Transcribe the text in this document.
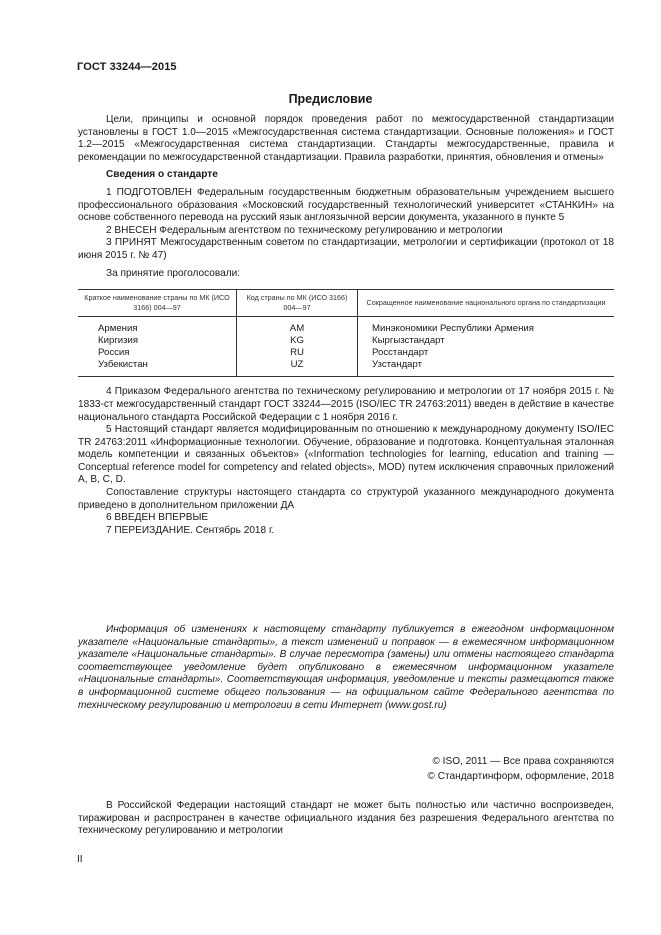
ГОСТ 33244—2015
Предисловие

Цели, принципы и основной порядок проведения работ по межгосударственной стандартизации установлены в ГОСТ 1.0—2015 «Межгосударственная система стандартизации. Основные положения» и ГОСТ 1.2—2015 «Межгосударственная система стандартизации. Стандарты межгосударственные, правила и рекомендации по межгосударственной стандартизации. Правила разработки, принятия, обновления и отмены»

Сведения о стандарте

1 ПОДГОТОВЛЕН Федеральным государственным бюджетным образовательным учреждением высшего профессионального образования «Московский государственный технологический университет «СТАНКИН» на основе собственного перевода на русский язык англоязычной версии документа, указанного в пункте 5

2 ВНЕСЕН Федеральным агентством по техническому регулированию и метрологии

3 ПРИНЯТ Межгосударственным советом по стандартизации, метрологии и сертификации (протокол от 18 июня 2015 г. № 47)

За принятие проголосовали:

Краткое наименование страны по МК (ИСО 3166) 004—97	Код страны по МК (ИСО 3166) 004—97	Сокращенное наименование национального органа по стандартизации
Армения	AM	Минэкономики Республики Армения
Киргизия	KG	Кыргызстандарт
Россия	RU	Росстандарт
Узбекистан	UZ	Узстандарт

4 Приказом Федерального агентства по техническому регулированию и метрологии от 17 ноября 2015 г. № 1833-ст межгосударственный стандарт ГОСТ 33244—2015 (ISO/IEC TR 24763:2011) введен в действие в качестве национального стандарта Российской Федерации с 1 ноября 2016 г.

5 Настоящий стандарт является модифицированным по отношению к международному документу ISO/IEC TR 24763:2011 «Информационные технологии. Обучение, образование и подготовка. Концептуальная эталонная модель компетенции и связанных объектов» («Information technologies for learning, education and training — Conceptual reference model for competency and related objects», MOD) путем исключения справочных приложений A, B, C, D.

Сопоставление структуры настоящего стандарта со структурой указанного международного документа приведено в дополнительном приложении ДА

6 ВВЕДЕН ВПЕРВЫЕ

7 ПЕРЕИЗДАНИЕ. Сентябрь 2018 г.

Информация об изменениях к настоящему стандарту публикуется в ежегодном информационном указателе «Национальные стандарты», а текст изменений и поправок — в ежемесячном информационном указателе «Национальные стандарты». В случае пересмотра (замены) или отмены настоящего стандарта соответствующее уведомление будет опубликовано в ежемесячном информационном указателе «Национальные стандарты». Соответствующая информация, уведомление и тексты размещаются также в информационной системе общего пользования — на официальном сайте Федерального агентства по техническому регулированию и метрологии в сети Интернет (www.gost.ru)

© ISO, 2011 — Все права сохраняются
© Стандартинформ, оформление, 2018

В Российской Федерации настоящий стандарт не может быть полностью или частично воспроизведен, тиражирован и распространен в качестве официального издания без разрешения Федерального агентства по техническому регулированию и метрологии

II
